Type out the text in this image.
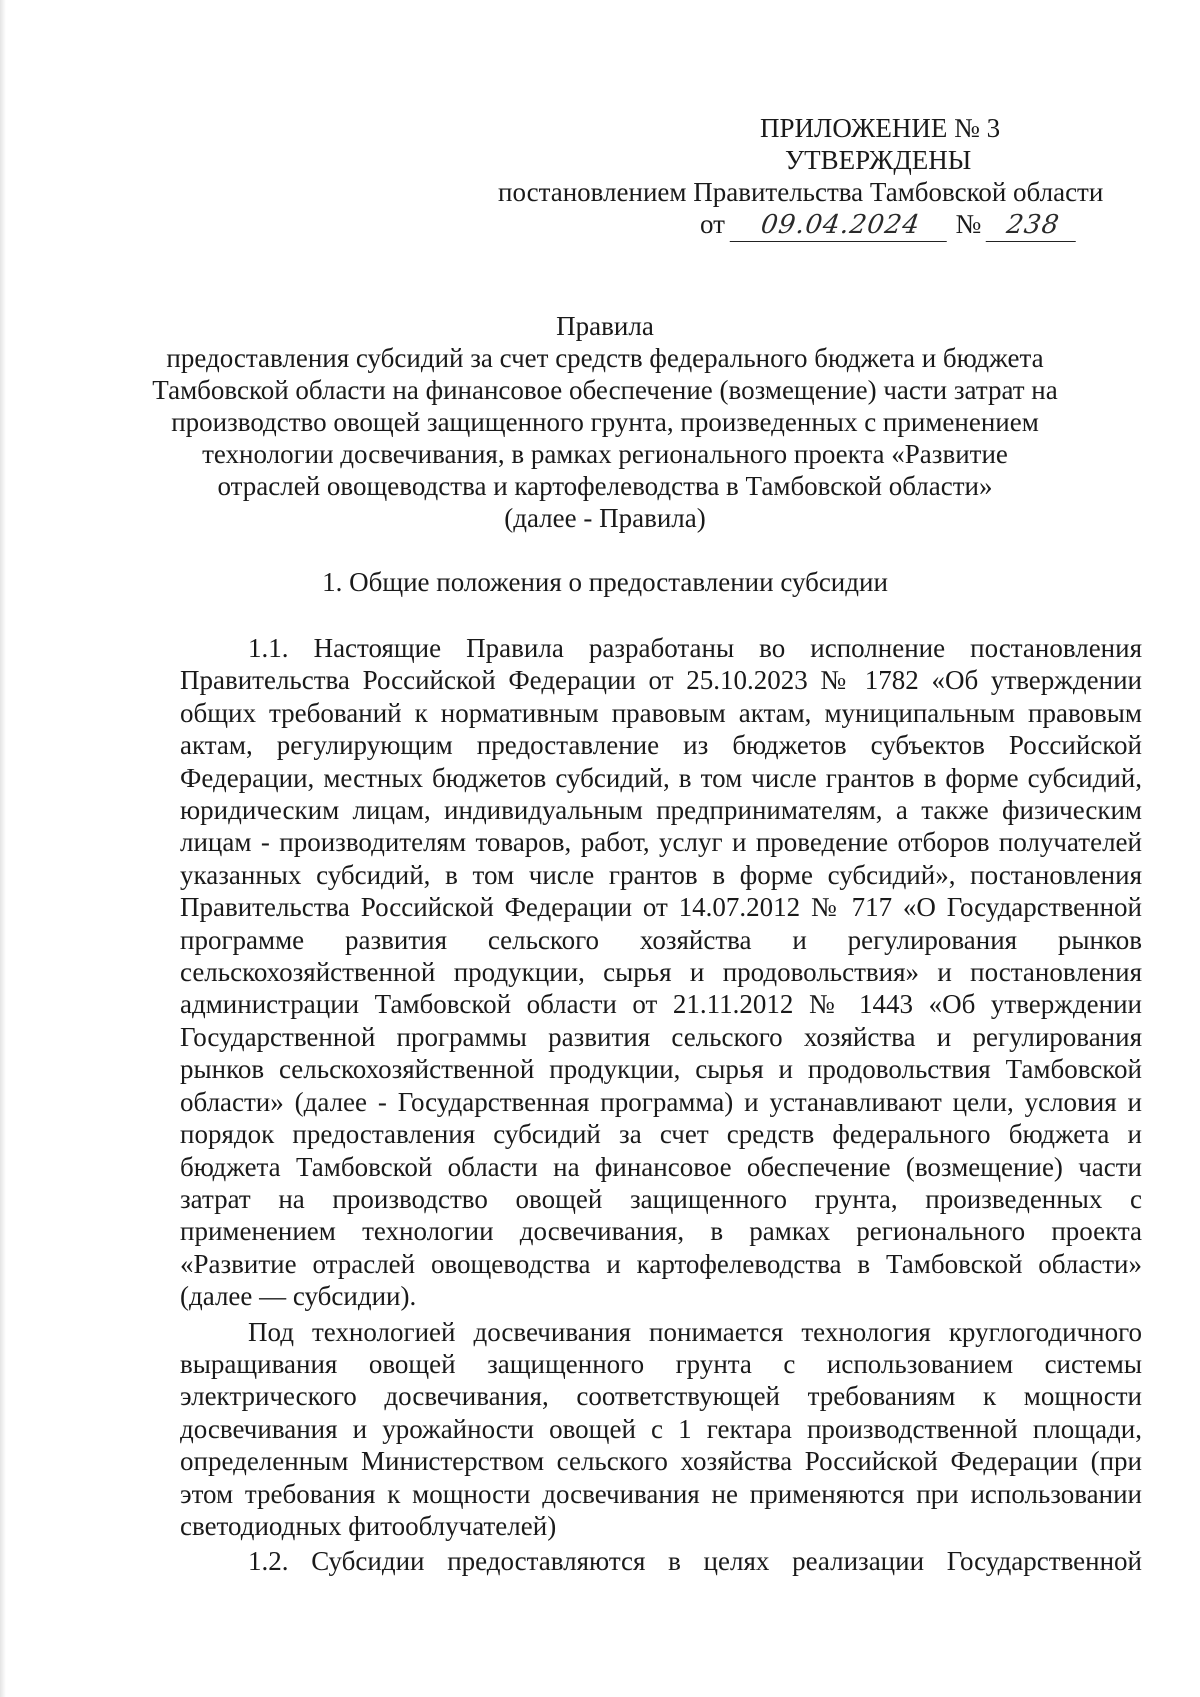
ПРИЛОЖЕНИЕ № 3
УТВЕРЖДЕНЫ
постановлением Правительства Тамбовской области
от 09.04.2024 № 238
Правила
предоставления субсидий за счет средств федерального бюджета и бюджета
Тамбовской области на финансовое обеспечение (возмещение) части затрат на
производство овощей защищенного грунта, произведенных с применением
технологии досвечивания, в рамках регионального проекта «Развитие
отраслей овощеводства и картофелеводства в Тамбовской области»
(далее - Правила)
1. Общие положения о предоставлении субсидии

1.1. Настоящие Правила разработаны во исполнение постановления Правительства Российской Федерации от 25.10.2023 № 1782 «Об утверждении общих требований к нормативным правовым актам, муниципальным правовым актам, регулирующим предоставление из бюджетов субъектов Российской Федерации, местных бюджетов субсидий, в том числе грантов в форме субсидий, юридическим лицам, индивидуальным предпринимателям, а также физическим лицам - производителям товаров, работ, услуг и проведение отборов получателей указанных субсидий, в том числе грантов в форме субсидий», постановления Правительства Российской Федерации от 14.07.2012 № 717 «О Государственной программе развития сельского хозяйства и регулирования рынков сельскохозяйственной продукции, сырья и продовольствия» и постановления администрации Тамбовской области от 21.11.2012 № 1443 «Об утверждении Государственной программы развития сельского хозяйства и регулирования рынков сельскохозяйственной продукции, сырья и продовольствия Тамбовской области» (далее - Государственная программа) и устанавливают цели, условия и порядок предоставления субсидий за счет средств федерального бюджета и бюджета Тамбовской области на финансовое обеспечение (возмещение) части затрат на производство овощей защищенного грунта, произведенных с применением технологии досвечивания, в рамках регионального проекта «Развитие отраслей овощеводства и картофелеводства в Тамбовской области» (далее — субсидии).

Под технологией досвечивания понимается технология круглогодичного выращивания овощей защищенного грунта с использованием системы электрического досвечивания, соответствующей требованиям к мощности досвечивания и урожайности овощей с 1 гектара производственной площади, определенным Министерством сельского хозяйства Российской Федерации (при этом требования к мощности досвечивания не применяются при использовании светодиодных фитооблучателей)

1.2. Субсидии предоставляются в целях реализации Государственной
